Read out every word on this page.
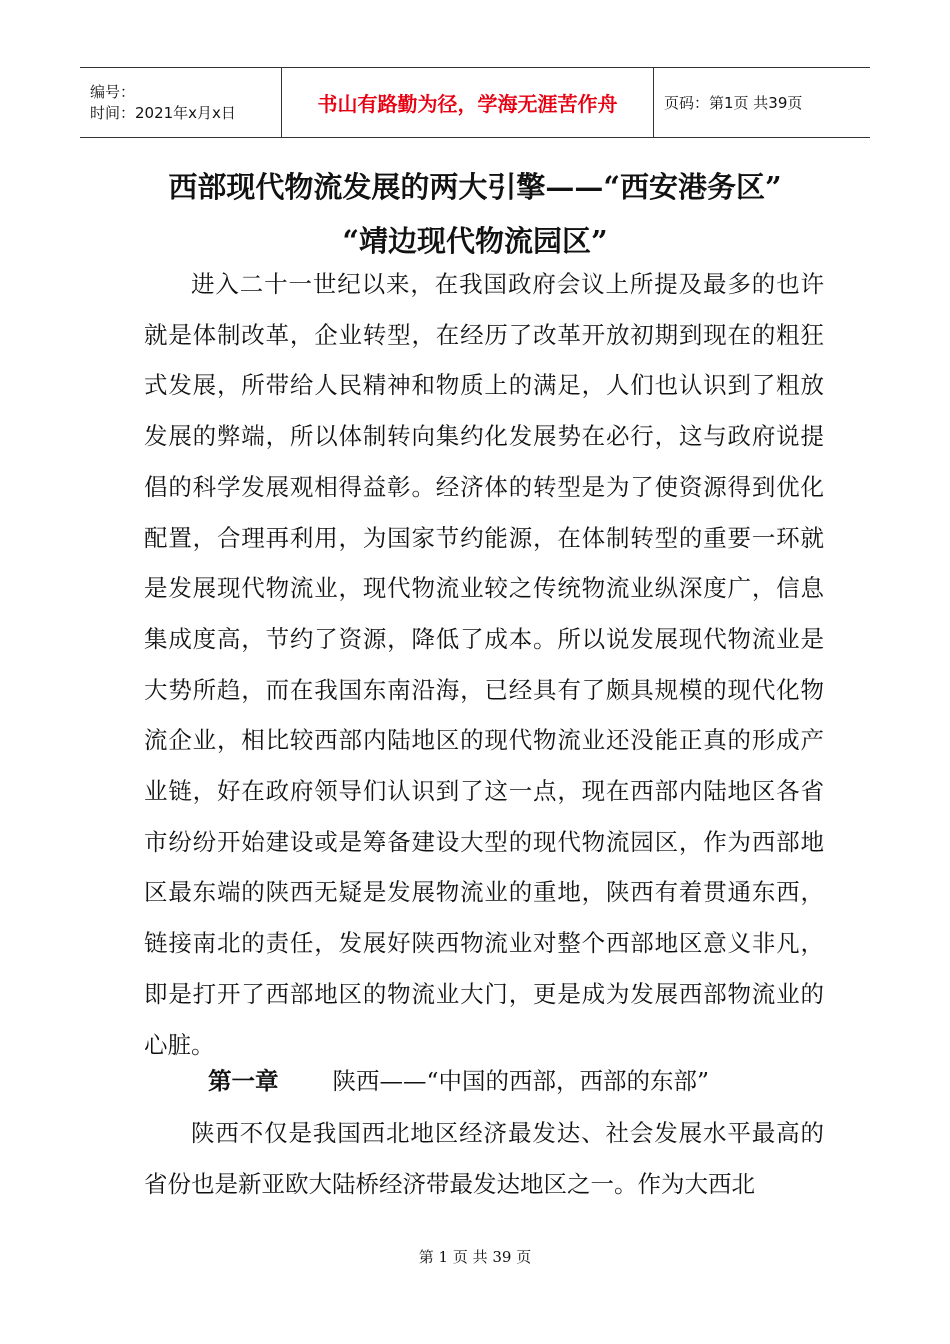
编号：
时间：2021年x月x日	书山有路勤为径，学海无涯苦作舟	页码：第1页 共39页
西部现代物流发展的两大引擎——“西安港务区”
“靖边现代物流园区”

进入二十一世纪以来，在我国政府会议上所提及最多的也许就是体制改革，企业转型，在经历了改革开放初期到现在的粗狂式发展，所带给人民精神和物质上的满足，人们也认识到了粗放发展的弊端，所以体制转向集约化发展势在必行，这与政府说提倡的科学发展观相得益彰。经济体的转型是为了使资源得到优化配置，合理再利用，为国家节约能源，在体制转型的重要一环就是发展现代物流业，现代物流业较之传统物流业纵深度广，信息集成度高，节约了资源，降低了成本。所以说发展现代物流业是大势所趋，而在我国东南沿海，已经具有了颇具规模的现代化物流企业，相比较西部内陆地区的现代物流业还没能正真的形成产业链，好在政府领导们认识到了这一点，现在西部内陆地区各省市纷纷开始建设或是筹备建设大型的现代物流园区，作为西部地区最东端的陕西无疑是发展物流业的重地，陕西有着贯通东西，链接南北的责任，发展好陕西物流业对整个西部地区意义非凡，即是打开了西部地区的物流业大门，更是成为发展西部物流业的心脏。

第一章 陕西——“中国的西部，西部的东部”

陕西不仅是我国西北地区经济最发达、社会发展水平最高的省份也是新亚欧大陆桥经济带最发达地区之一。作为大西北

第 1 页 共 39 页
